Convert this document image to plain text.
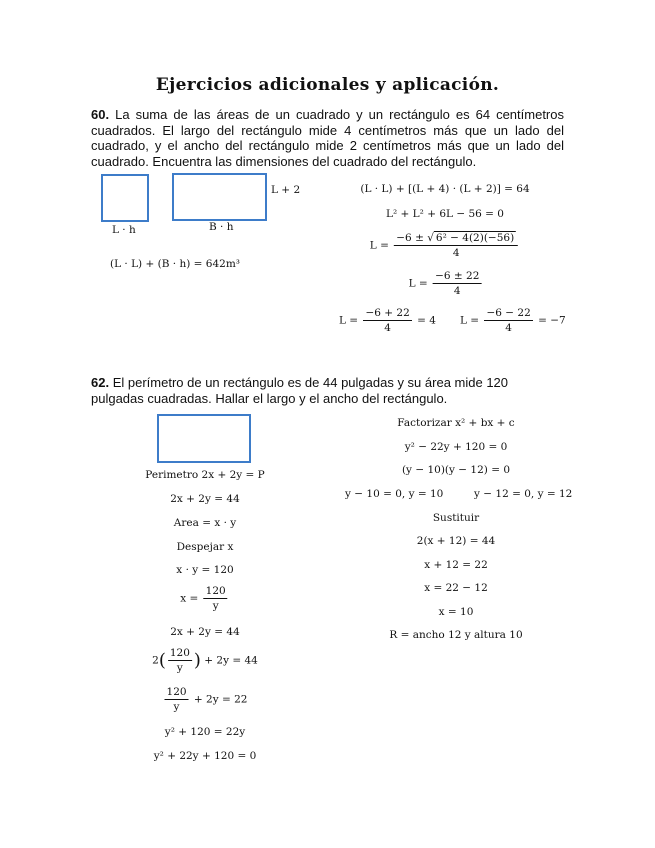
Ejercicios adicionales y aplicación.
60. La suma de las áreas de un cuadrado y un rectángulo es 64 centímetros cuadrados. El largo del rectángulo mide 4 centímetros más que un lado del cuadrado, y el ancho del rectángulo mide 2 centímetros más que un lado del cuadrado. Encuentra las dimensiones del cuadrado del rectángulo.
L · h	B · h
L + 2
(L · L) + (B · h) = 642m³
(L · L) + [(L + 4) · (L + 2)] = 64
L² + L² + 6L − 56 = 0
$L = \frac{\text{−6 ± √ 6² − 4(2)(−56)}}{4}$
$L = \frac{-6 \pm 22}{4}$
$L = \frac{-6 + 22}{4} = 4$ $L = \frac{-6 - 22}{4} = -7$
62. El perímetro de un rectángulo es de 44 pulgadas y su área mide 120 pulgadas cuadradas. Hallar el largo y el ancho del rectángulo.
Perimetro 2x + 2y = P
2x + 2y = 44
Area = x · y
Despejar x
x · y = 120
$x = \frac{120}{y}$
2x + 2y = 44
$2( \frac{120}{y}$ ) + 2y = 44
$\frac{120}{y} + 2y = 22$
y² + 120 = 22y
y² + 22y + 120 = 0
Factorizar x² + bx + c
y² − 22y + 120 = 0
(y − 10)(y − 12) = 0
y − 10 = 0, y = 10	y − 12 = 0, y = 12
Sustituir
2(x + 12) = 44
x + 12 = 22
x = 22 − 12
x = 10
R = ancho 12 y altura 10
